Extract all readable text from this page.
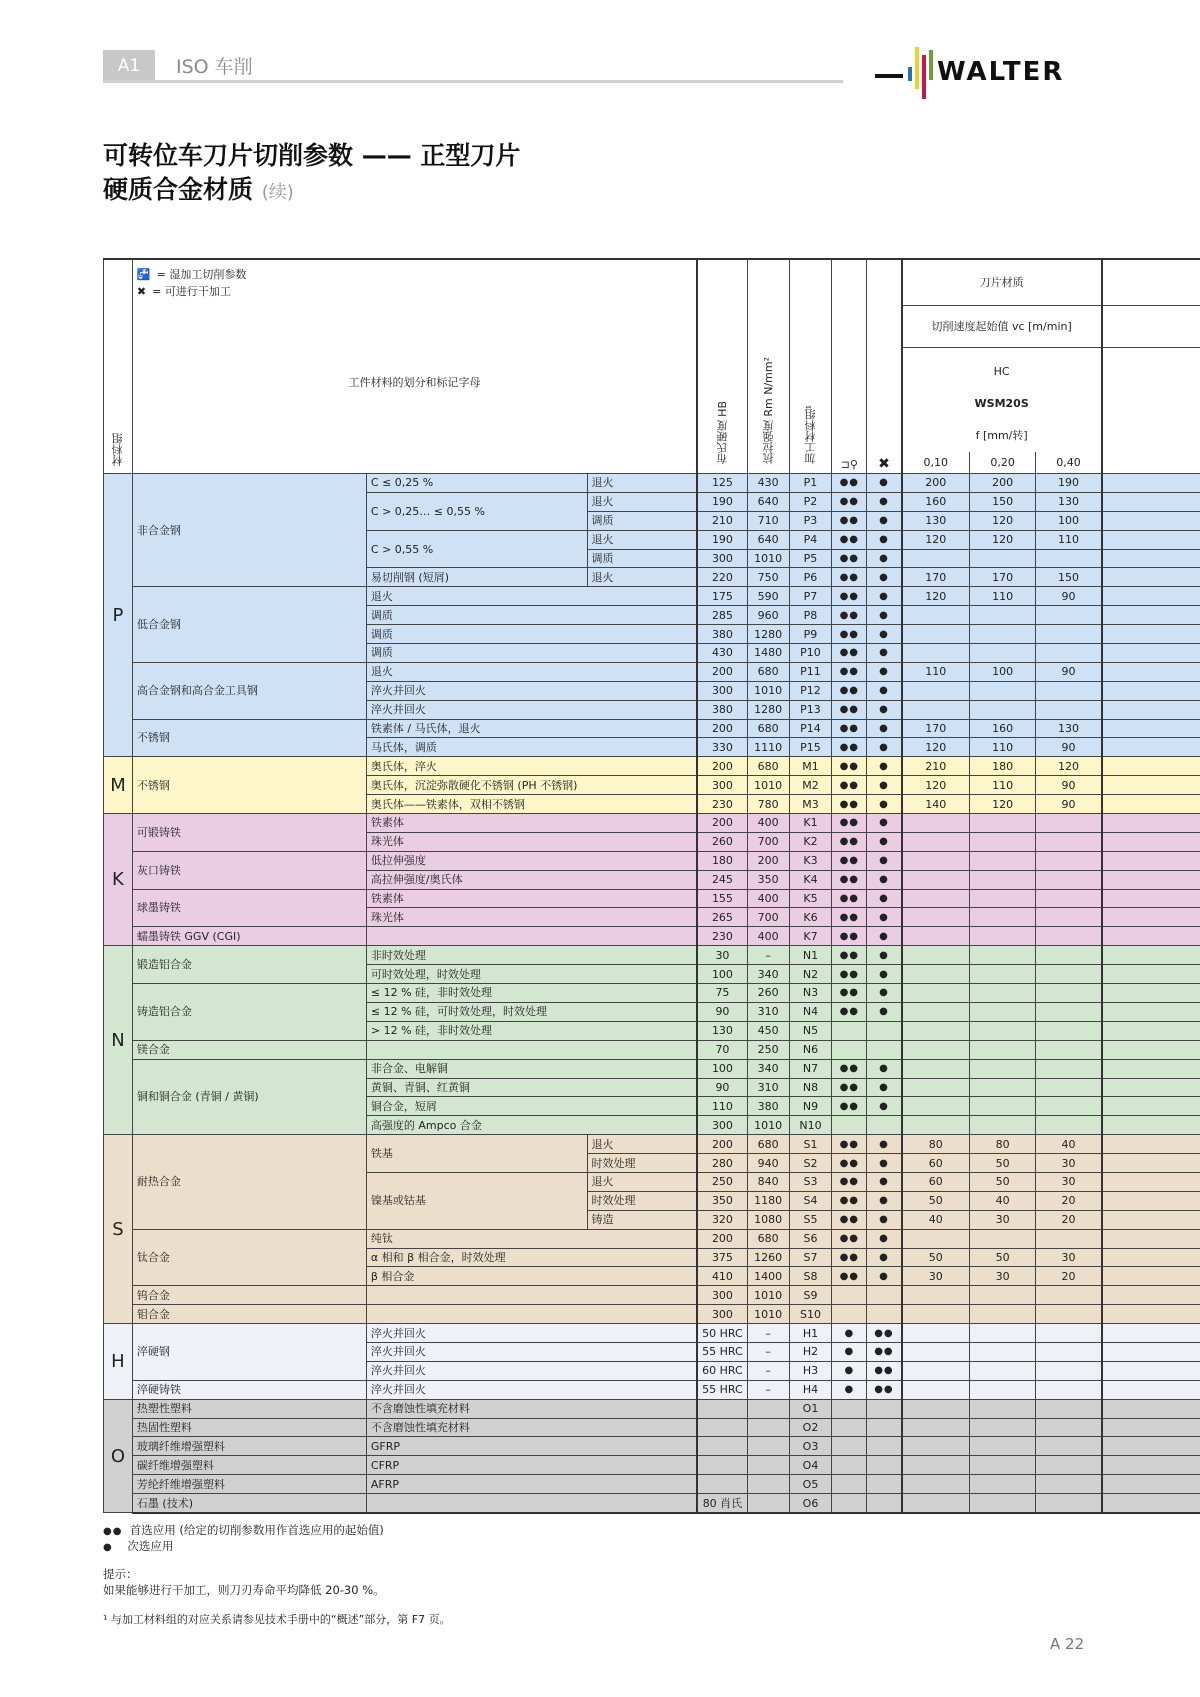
A1	ISO 车削	WALTER
可转位车刀片切削参数 —— 正型刀片
硬质合金材质 (续)
材料组	🚰 = 湿加工切削参数
✖ = 可进行干加工
工件材料的划分和标记字母			布氏硬度 HB	抗拉强度 Rm N/mm²	加工材料组¹	⊐⚲	✖	刀片材质			
									切削速度起始值 vc [m/min]			

									HC
WSM20S
f [mm/转]			

									0,10	0,20	0,40	
P	非合金钢	C ≤ 0,25 %	退火	125	430	P1	●●	●	200	200	190	
		C > 0,25… ≤ 0,55 %	退火	190	640	P2	●●	●	160	150	130	
			调质	210	710	P3	●●	●	130	120	100	
		C > 0,55 %	退火	190	640	P4	●●	●	120	120	110	
			调质	300	1010	P5	●●	●				
		易切削钢 (短屑)	退火	220	750	P6	●●	●	170	170	150	
	低合金钢	退火		175	590	P7	●●	●	120	110	90	
		调质		285	960	P8	●●	●				
		调质		380	1280	P9	●●	●				
		调质		430	1480	P10	●●	●				
	高合金钢和高合金工具钢	退火		200	680	P11	●●	●	110	100	90	
		淬火并回火		300	1010	P12	●●	●				
		淬火并回火		380	1280	P13	●●	●				
	不锈钢	铁素体 / 马氏体，退火		200	680	P14	●●	●	170	160	130	
		马氏体，调质		330	1110	P15	●●	●	120	110	90	
M	不锈钢	奥氏体，淬火		200	680	M1	●●	●	210	180	120	
		奥氏体，沉淀弥散硬化不锈钢 (PH 不锈钢)		300	1010	M2	●●	●	120	110	90	
		奥氏体——铁素体，双相不锈钢		230	780	M3	●●	●	140	120	90	
K	可锻铸铁	铁素体		200	400	K1	●●	●				
		珠光体		260	700	K2	●●	●				
	灰口铸铁	低拉伸强度		180	200	K3	●●	●				
		高拉伸强度/奥氏体		245	350	K4	●●	●				
	球墨铸铁	铁素体		155	400	K5	●●	●				
		珠光体		265	700	K6	●●	●				
	蠕墨铸铁 GGV (CGI)			230	400	K7	●●	●				
N	锻造铝合金	非时效处理		30	–	N1	●●	●				
		可时效处理，时效处理		100	340	N2	●●	●				
	铸造铝合金	≤ 12 % 硅，非时效处理		75	260	N3	●●	●				
		≤ 12 % 硅，可时效处理，时效处理		90	310	N4	●●	●				
		> 12 % 硅，非时效处理		130	450	N5						
	镁合金			70	250	N6						
	铜和铜合金 (青铜 / 黄铜)	非合金、电解铜		100	340	N7	●●	●				
		黄铜、青铜、红黄铜		90	310	N8	●●	●				
		铜合金，短屑		110	380	N9	●●	●				
		高强度的 Ampco 合金		300	1010	N10						
S	耐热合金	铁基	退火	200	680	S1	●●	●	80	80	40	
			时效处理	280	940	S2	●●	●	60	50	30	
		镍基或钴基	退火	250	840	S3	●●	●	60	50	30	
			时效处理	350	1180	S4	●●	●	50	40	20	
			铸造	320	1080	S5	●●	●	40	30	20	
	钛合金	纯钛		200	680	S6	●●	●				
		α 相和 β 相合金，时效处理		375	1260	S7	●●	●	50	50	30	
		β 相合金		410	1400	S8	●●	●	30	30	20	
	钨合金			300	1010	S9						
	钼合金			300	1010	S10						
H	淬硬钢	淬火并回火		50 HRC	–	H1	●	●●				
		淬火并回火		55 HRC	–	H2	●	●●				
		淬火并回火		60 HRC	–	H3	●	●●				
	淬硬铸铁	淬火并回火		55 HRC	–	H4	●	●●				
O	热塑性塑料	不含磨蚀性填充材料				O1						
	热固性塑料	不含磨蚀性填充材料				O2						
	玻璃纤维增强塑料	GFRP				O3						
	碳纤维增强塑料	CFRP				O4						
	芳纶纤维增强塑料	AFRP				O5						
	石墨 (技术)			80 肖氏		O6						
●● 首选应用 (给定的切削参数用作首选应用的起始值)
● 次选应用
提示：
如果能够进行干加工，则刀刃寿命平均降低 20-30 %。
¹ 与加工材料组的对应关系请参见技术手册中的“概述”部分，第 F7 页。
A 22
